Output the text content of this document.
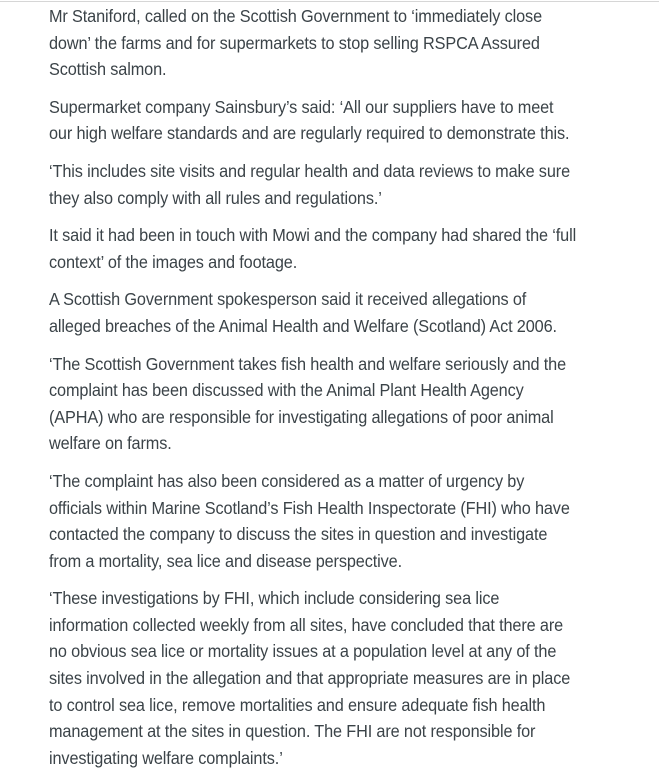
Mr Staniford, called on the Scottish Government to ‘immediately close down’ the farms and for supermarkets to stop selling RSPCA Assured Scottish salmon.

Supermarket company Sainsbury’s said: ‘All our suppliers have to meet our high welfare standards and are regularly required to demonstrate this.

‘This includes site visits and regular health and data reviews to make sure they also comply with all rules and regulations.’

It said it had been in touch with Mowi and the company had shared the ‘full context’ of the images and footage.

A Scottish Government spokesperson said it received allegations of alleged breaches of the Animal Health and Welfare (Scotland) Act 2006.

‘The Scottish Government takes fish health and welfare seriously and the complaint has been discussed with the Animal Plant Health Agency (APHA) who are responsible for investigating allegations of poor animal welfare on farms.

‘The complaint has also been considered as a matter of urgency by officials within Marine Scotland’s Fish Health Inspectorate (FHI) who have contacted the company to discuss the sites in question and investigate from a mortality, sea lice and disease perspective.

‘These investigations by FHI, which include considering sea lice information collected weekly from all sites, have concluded that there are no obvious sea lice or mortality issues at a population level at any of the sites involved in the allegation and that appropriate measures are in place to control sea lice, remove mortalities and ensure adequate fish health management at the sites in question. The FHI are not responsible for investigating welfare complaints.’
